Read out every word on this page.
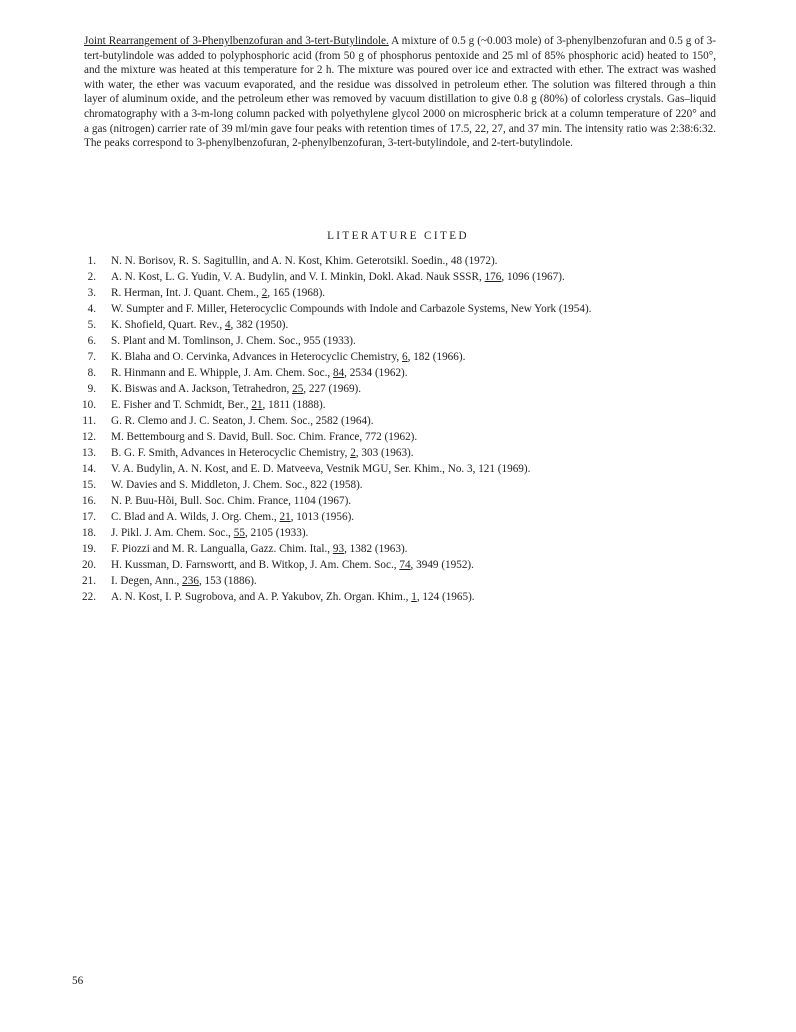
Joint Rearrangement of 3-Phenylbenzofuran and 3-tert-Butylindole. A mixture of 0.5 g (~0.003 mole) of 3-phenylbenzofuran and 0.5 g of 3-tert-butylindole was added to polyphosphoric acid (from 50 g of phosphorus pentoxide and 25 ml of 85% phosphoric acid) heated to 150°, and the mixture was heated at this temperature for 2 h. The mixture was poured over ice and extracted with ether. The extract was washed with water, the ether was vacuum evaporated, and the residue was dissolved in petroleum ether. The solution was filtered through a thin layer of aluminum oxide, and the petroleum ether was removed by vacuum distillation to give 0.8 g (80%) of colorless crystals. Gas–liquid chromatography with a 3-m-long column packed with polyethylene glycol 2000 on microspheric brick at a column temperature of 220° and a gas (nitrogen) carrier rate of 39 ml/min gave four peaks with retention times of 17.5, 22, 27, and 37 min. The intensity ratio was 2:38:6:32. The peaks correspond to 3-phenylbenzofuran, 2-phenylbenzofuran, 3-tert-butylindole, and 2-tert-butylindole.
LITERATURE CITED
1.	N. N. Borisov, R. S. Sagitullin, and A. N. Kost, Khim. Geterotsikl. Soedin., 48 (1972).
2.	A. N. Kost, L. G. Yudin, V. A. Budylin, and V. I. Minkin, Dokl. Akad. Nauk SSSR, 176, 1096 (1967).
3.	R. Herman, Int. J. Quant. Chem., 2, 165 (1968).
4.	W. Sumpter and F. Miller, Heterocyclic Compounds with Indole and Carbazole Systems, New York (1954).
5.	K. Shofield, Quart. Rev., 4, 382 (1950).
6.	S. Plant and M. Tomlinson, J. Chem. Soc., 955 (1933).
7.	K. Blaha and O. Cervinka, Advances in Heterocyclic Chemistry, 6, 182 (1966).
8.	R. Hinmann and E. Whipple, J. Am. Chem. Soc., 84, 2534 (1962).
9.	K. Biswas and A. Jackson, Tetrahedron, 25, 227 (1969).
10.	E. Fisher and T. Schmidt, Ber., 21, 1811 (1888).
11.	G. R. Clemo and J. C. Seaton, J. Chem. Soc., 2582 (1964).
12.	M. Bettembourg and S. David, Bull. Soc. Chim. France, 772 (1962).
13.	B. G. F. Smith, Advances in Heterocyclic Chemistry, 2, 303 (1963).
14.	V. A. Budylin, A. N. Kost, and E. D. Matveeva, Vestnik MGU, Ser. Khim., No. 3, 121 (1969).
15.	W. Davies and S. Middleton, J. Chem. Soc., 822 (1958).
16.	N. P. Buu-Hõi, Bull. Soc. Chim. France, 1104 (1967).
17.	C. Blad and A. Wilds, J. Org. Chem., 21, 1013 (1956).
18.	J. Pikl. J. Am. Chem. Soc., 55, 2105 (1933).
19.	F. Piozzi and M. R. Langualla, Gazz. Chim. Ital., 93, 1382 (1963).
20.	H. Kussman, D. Farnswortt, and B. Witkop, J. Am. Chem. Soc., 74, 3949 (1952).
21.	I. Degen, Ann., 236, 153 (1886).
22.	A. N. Kost, I. P. Sugrobova, and A. P. Yakubov, Zh. Organ. Khim., 1, 124 (1965).
56
